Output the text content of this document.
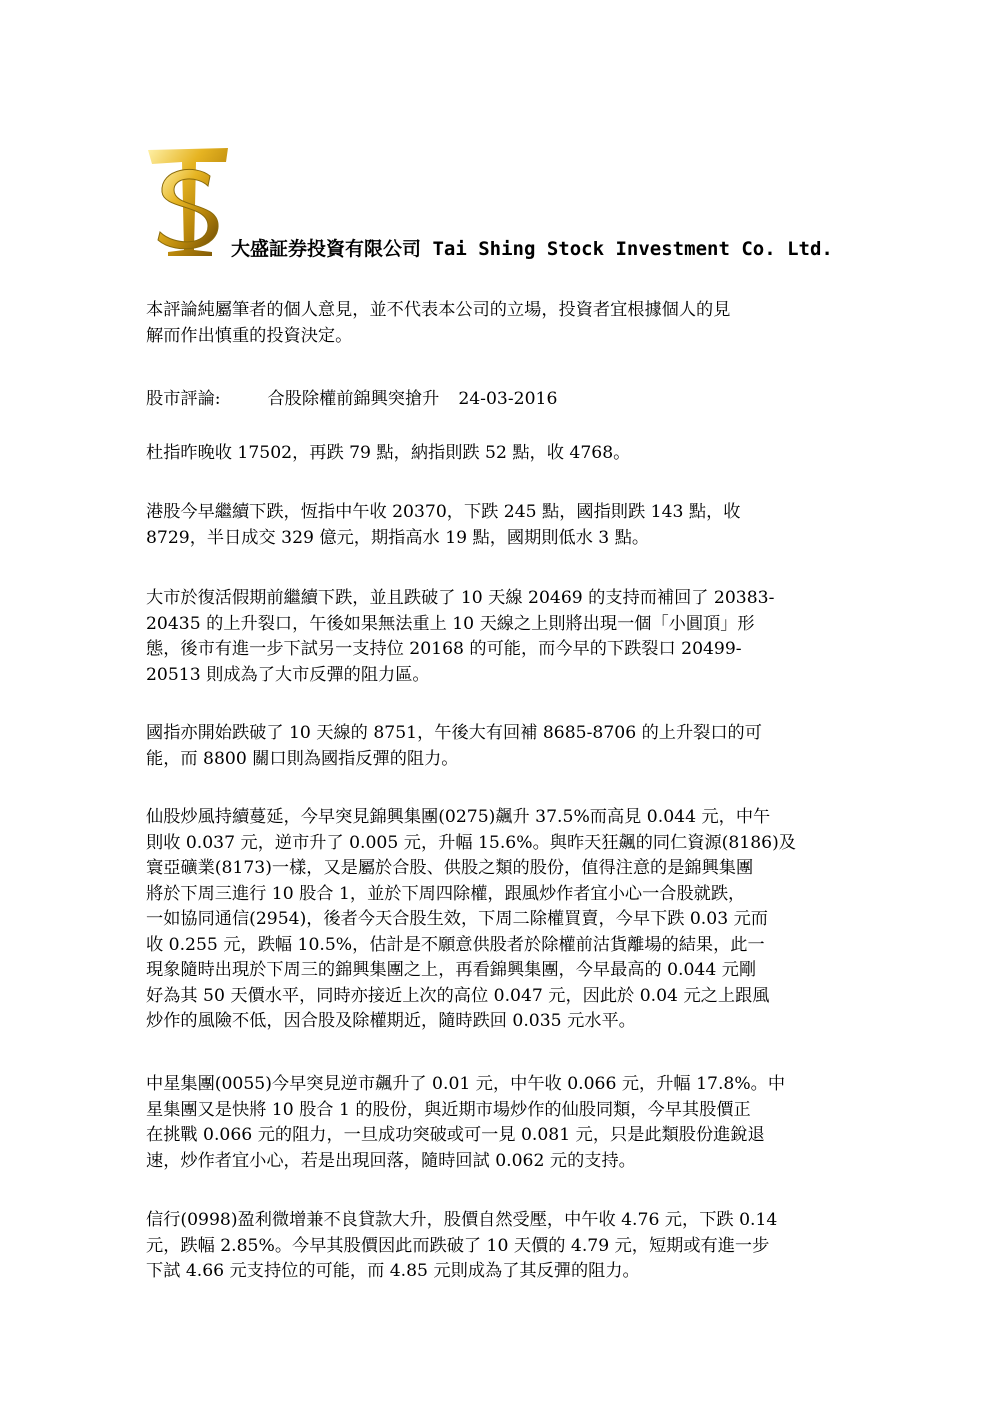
大盛証券投資有限公司 Tai Shing Stock Investment Co. Ltd.
本評論純屬筆者的個人意見，並不代表本公司的立場，投資者宜根據個人的見
解而作出慎重的投資決定。
股市評論:	合股除權前錦興突搶升 24-03-2016
杜指昨晚收 17502，再跌 79 點，納指則跌 52 點，收 4768。
港股今早繼續下跌，恆指中午收 20370，下跌 245 點，國指則跌 143 點，收
8729，半日成交 329 億元，期指高水 19 點，國期則低水 3 點。
大市於復活假期前繼續下跌，並且跌破了 10 天線 20469 的支持而補回了 20383-
20435 的上升裂口，午後如果無法重上 10 天線之上則將出現一個「小圓頂」形
態，後市有進一步下試另一支持位 20168 的可能，而今早的下跌裂口 20499-
20513 則成為了大市反彈的阻力區。
國指亦開始跌破了 10 天線的 8751，午後大有回補 8685-8706 的上升裂口的可
能，而 8800 關口則為國指反彈的阻力。
仙股炒風持續蔓延，今早突見錦興集團(0275)飆升 37.5%而高見 0.044 元，中午
則收 0.037 元，逆市升了 0.005 元，升幅 15.6%。與昨天狂飆的同仁資源(8186)及
寰亞礦業(8173)一樣，又是屬於合股、供股之類的股份，值得注意的是錦興集團
將於下周三進行 10 股合 1，並於下周四除權，跟風炒作者宜小心一合股就跌，
一如協同通信(2954)，後者今天合股生效，下周二除權買賣，今早下跌 0.03 元而
收 0.255 元，跌幅 10.5%，估計是不願意供股者於除權前沽貨離場的結果，此一
現象隨時出現於下周三的錦興集團之上，再看錦興集團，今早最高的 0.044 元剛
好為其 50 天價水平，同時亦接近上次的高位 0.047 元，因此於 0.04 元之上跟風
炒作的風險不低，因合股及除權期近，隨時跌回 0.035 元水平。
中星集團(0055)今早突見逆市飆升了 0.01 元，中午收 0.066 元，升幅 17.8%。中
星集團又是快將 10 股合 1 的股份，與近期市場炒作的仙股同類，今早其股價正
在挑戰 0.066 元的阻力，一旦成功突破或可一見 0.081 元，只是此類股份進銳退
速，炒作者宜小心，若是出現回落，隨時回試 0.062 元的支持。
信行(0998)盈利微增兼不良貸款大升，股價自然受壓，中午收 4.76 元，下跌 0.14
元，跌幅 2.85%。今早其股價因此而跌破了 10 天價的 4.79 元，短期或有進一步
下試 4.66 元支持位的可能，而 4.85 元則成為了其反彈的阻力。
